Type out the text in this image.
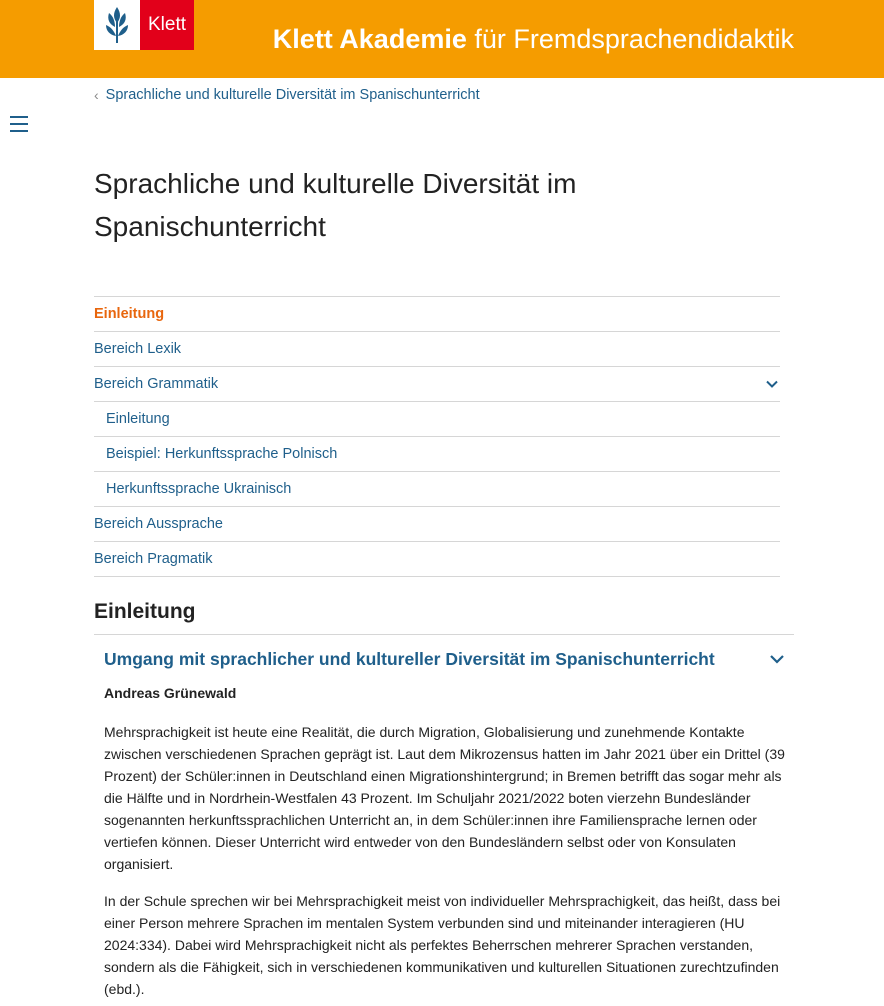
Klett	Klett Akademie für Fremdsprachendidaktik
‹ Sprachliche und kulturelle Diversität im Spanischunterricht
Sprachliche und kulturelle Diversität im Spanischunterricht
Einleitung
Bereich Lexik
Bereich Grammatik
Einleitung
Beispiel: Herkunftssprache Polnisch
Herkunftssprache Ukrainisch
Bereich Aussprache
Bereich Pragmatik
Einleitung
Umgang mit sprachlicher und kultureller Diversität im Spanischunterricht
Andreas Grünewald

Mehrsprachigkeit ist heute eine Realität, die durch Migration, Globalisierung und zunehmende Kontakte zwischen verschiedenen Sprachen geprägt ist. Laut dem Mikrozensus hatten im Jahr 2021 über ein Drittel (39 Prozent) der Schüler:innen in Deutschland einen Migrationshintergrund; in Bremen betrifft das sogar mehr als die Hälfte und in Nordrhein-Westfalen 43 Prozent. Im Schuljahr 2021/2022 boten vierzehn Bundesländer sogenannten herkunftssprachlichen Unterricht an, in dem Schüler:innen ihre Familiensprache lernen oder vertiefen können. Dieser Unterricht wird entweder von den Bundesländern selbst oder von Konsulaten organisiert.

In der Schule sprechen wir bei Mehrsprachigkeit meist von individueller Mehrsprachigkeit, das heißt, dass bei einer Person mehrere Sprachen im mentalen System verbunden sind und miteinander interagieren (HU 2024:334). Dabei wird Mehrsprachigkeit nicht als perfektes Beherrschen mehrerer Sprachen verstanden, sondern als die Fähigkeit, sich in verschiedenen kommunikativen und kulturellen Situationen zurechtzufinden (ebd.).
